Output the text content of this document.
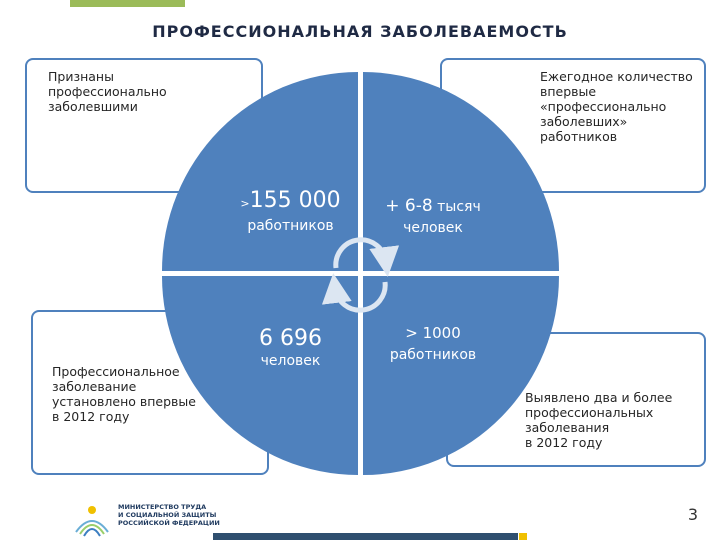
ПРОФЕССИОНАЛЬНАЯ ЗАБОЛЕВАЕМОСТЬ

Признаны
профессионально
заболевшими

Ежегодное количество
впервые
«профессионально
заболевших»
работников

Профессиональное
заболевание
установлено впервые
в 2012 году

Выявлено два и более
профессиональных
заболевания
в 2012 году

>155 000
работников
+ 6-8 тысяч
человек
6 696
человек
> 1000
работников

МИНИСТЕРСТВО ТРУДА
И СОЦИАЛЬНОЙ ЗАЩИТЫ
РОССИЙСКОЙ ФЕДЕРАЦИИ	3
